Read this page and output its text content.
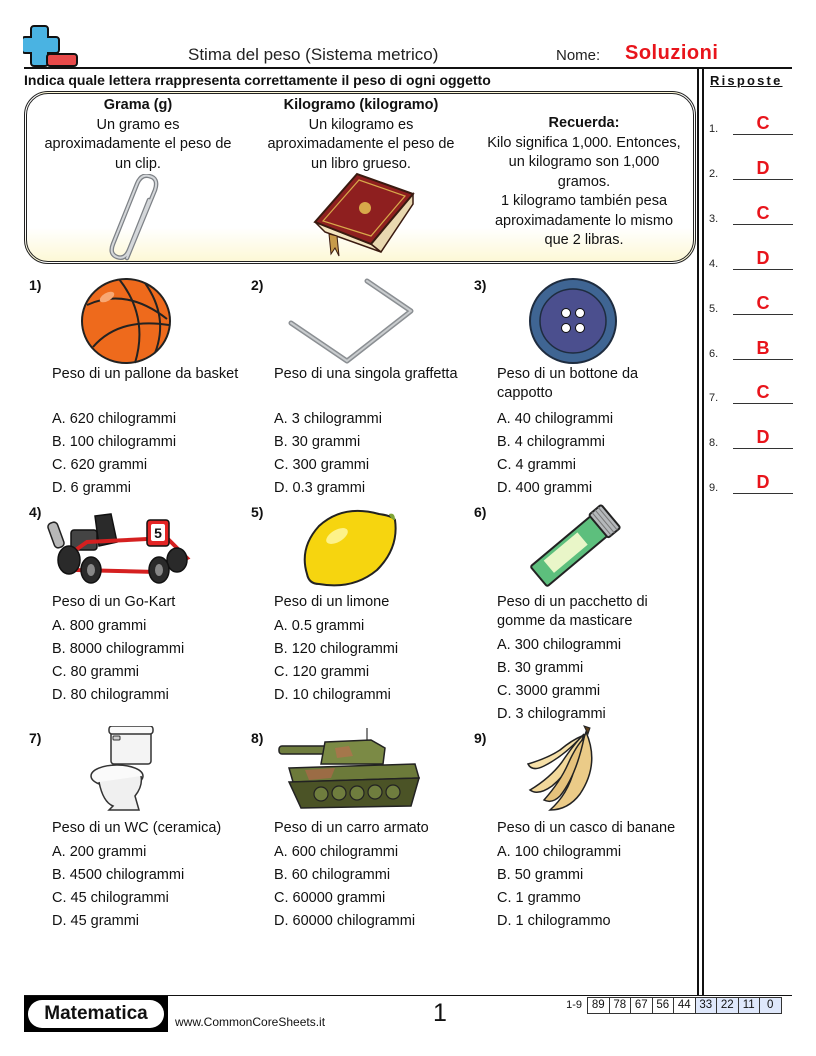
Stima del peso (Sistema metrico)	Nome: Soluzioni
Indica quale lettera rrappresenta correttamente il peso di ogni oggetto
Grama (g)
Un gramo es
aproximadamente el peso de
un clip.
Kilogramo (kilogramo)
Un kilogramo es
aproximadamente el peso de
un libro grueso.
Recuerda:
Kilo significa 1,000. Entonces,
un kilogramo son 1,000
gramos.
1 kilogramo también pesa
aproximadamente lo mismo
que 2 libras.
1)
Peso di un pallone da basket
A. 620 chilogrammi
B. 100 chilogrammi
C. 620 grammi
D. 6 grammi
2)
Peso di una singola graffetta
A. 3 chilogrammi
B. 30 grammi
C. 300 grammi
D. 0.3 grammi
3)
Peso di un bottone da cappotto
A. 40 chilogrammi
B. 4 chilogrammi
C. 4 grammi
D. 400 grammi
4)
5
Peso di un Go-Kart
A. 800 grammi
B. 8000 chilogrammi
C. 80 grammi
D. 80 chilogrammi
5)
Peso di un limone
A. 0.5 grammi
B. 120 chilogrammi
C. 120 grammi
D. 10 chilogrammi
6)
Peso di un pacchetto di gomme da masticare
A. 300 chilogrammi
B. 30 grammi
C. 3000 grammi
D. 3 chilogrammi
7)
Peso di un WC (ceramica)
A. 200 grammi
B. 4500 chilogrammi
C. 45 chilogrammi
D. 45 grammi
8)
Peso di un carro armato
A. 600 chilogrammi
B. 60 chilogrammi
C. 60000 grammi
D. 60000 chilogrammi
9)
Peso di un casco di banane
A. 100 chilogrammi
B. 50 grammi
C. 1 grammo
D. 1 chilogrammo
Risposte
1.	C
2.	D
3.	C
4.	D
5.	C
6.	B
7.	C
8.	D
9.	D
Matematica	www.CommonCoreSheets.it	1	1-9 89 78 67 56 44 33 22 11	0
